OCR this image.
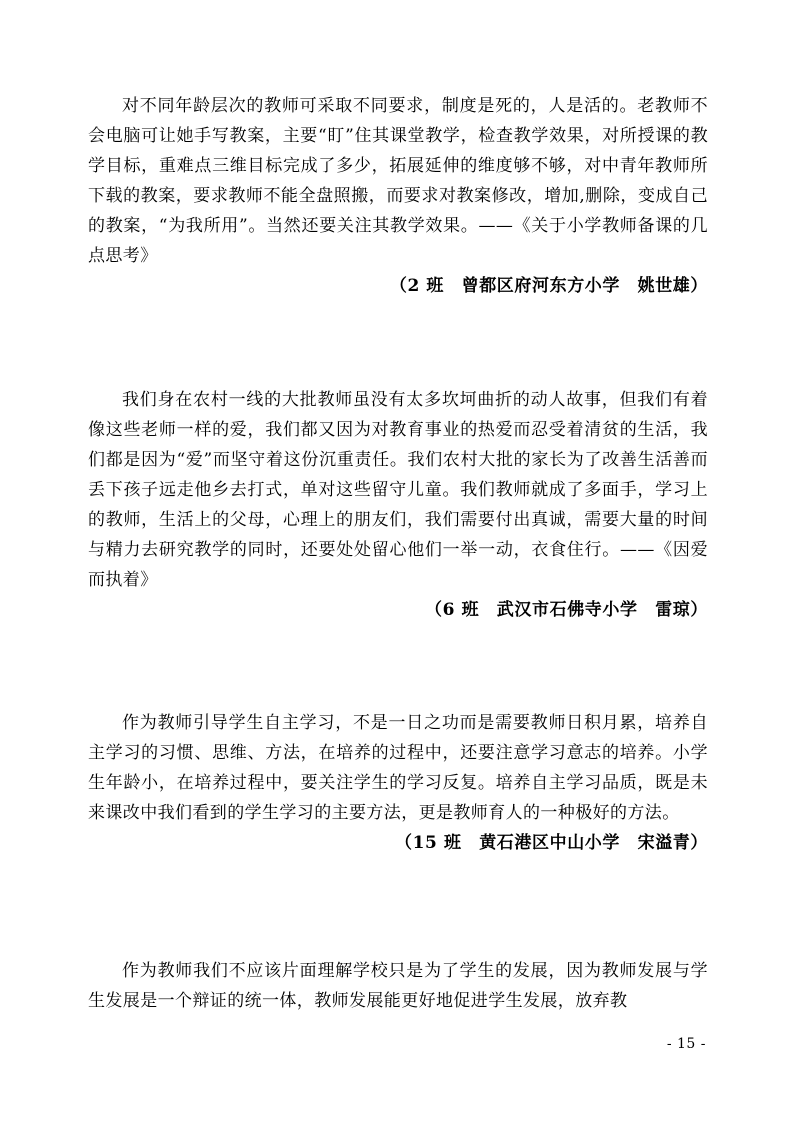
对不同年龄层次的教师可采取不同要求，制度是死的，人是活的。老教师不会电脑可让她手写教案，主要“盯”住其课堂教学，检查教学效果，对所授课的教学目标，重难点三维目标完成了多少，拓展延伸的维度够不够，对中青年教师所下载的教案，要求教师不能全盘照搬，而要求对教案修改，增加,删除，变成自己的教案，“为我所用”。当然还要关注其教学效果。——《关于小学教师备课的几点思考》

（2 班　曾都区府河东方小学　姚世雄）

我们身在农村一线的大批教师虽没有太多坎坷曲折的动人故事，但我们有着像这些老师一样的爱，我们都又因为对教育事业的热爱而忍受着清贫的生活，我们都是因为“爱”而坚守着这份沉重责任。我们农村大批的家长为了改善生活善而丢下孩子远走他乡去打式，单对这些留守儿童。我们教师就成了多面手，学习上的教师，生活上的父母，心理上的朋友们，我们需要付出真诚，需要大量的时间与精力去研究教学的同时，还要处处留心他们一举一动，衣食住行。——《因爱而执着》

（6 班　武汉市石佛寺小学　雷琼）

作为教师引导学生自主学习，不是一日之功而是需要教师日积月累，培养自主学习的习惯、思维、方法，在培养的过程中，还要注意学习意志的培养。小学生年龄小，在培养过程中，要关注学生的学习反复。培养自主学习品质，既是未来课改中我们看到的学生学习的主要方法，更是教师育人的一种极好的方法。

（15 班　黄石港区中山小学　宋溢青）

作为教师我们不应该片面理解学校只是为了学生的发展，因为教师发展与学生发展是一个辩证的统一体，教师发展能更好地促进学生发展，放弃教

- 15 -
